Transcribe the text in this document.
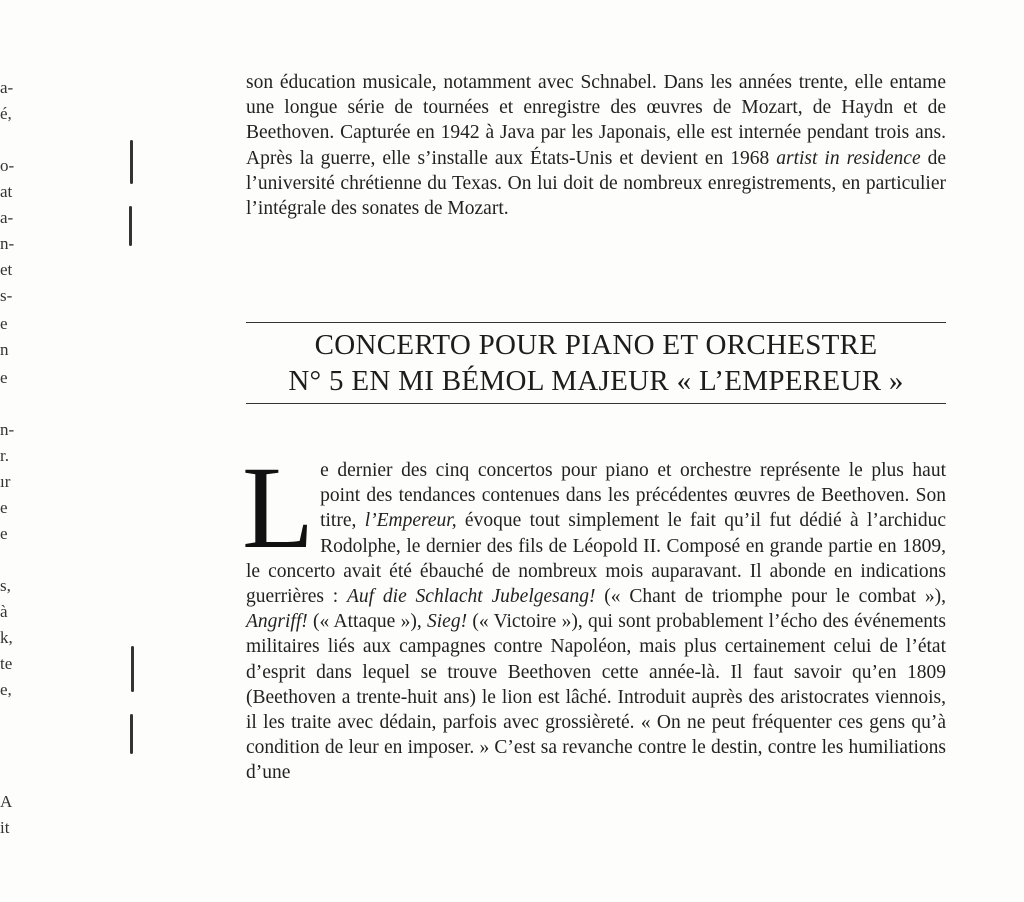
a-
é,
o-
at
a-
n-
et
s-
e
n
e
n-
r.
ır
e
e
s,
à
k,
te
e,
A
it

son éducation musicale, notamment avec Schnabel. Dans les années trente, elle entame une longue série de tournées et enregistre des œuvres de Mozart, de Haydn et de Beethoven. Capturée en 1942 à Java par les Japonais, elle est internée pendant trois ans. Après la guerre, elle s’installe aux États-Unis et devient en 1968 artist in residence de l’université chrétienne du Texas. On lui doit de nombreux enregistrements, en particulier l’intégrale des sonates de Mozart.

CONCERTO POUR PIANO ET ORCHESTRE
N° 5 EN MI BÉMOL MAJEUR « L’EMPEREUR »

Le dernier des cinq concertos pour piano et orchestre représente le plus haut point des tendances contenues dans les précédentes œuvres de Beethoven. Son titre, l’Empereur, évoque tout simplement le fait qu’il fut dédié à l’archiduc Rodolphe, le dernier des fils de Léopold II. Composé en grande partie en 1809, le concerto avait été ébauché de nombreux mois auparavant. Il abonde en indications guerrières : Auf die Schlacht Jubelgesang! (« Chant de triomphe pour le combat »), Angriff! (« Attaque »), Sieg! (« Victoire »), qui sont probablement l’écho des événements militaires liés aux campagnes contre Napoléon, mais plus certainement celui de l’état d’esprit dans lequel se trouve Beethoven cette année-là. Il faut savoir qu’en 1809 (Beethoven a trente-huit ans) le lion est lâché. Introduit auprès des aristocrates viennois, il les traite avec dédain, parfois avec grossièreté. « On ne peut fréquenter ces gens qu’à condition de leur en imposer. » C’est sa revanche contre le destin, contre les humiliations d’une
